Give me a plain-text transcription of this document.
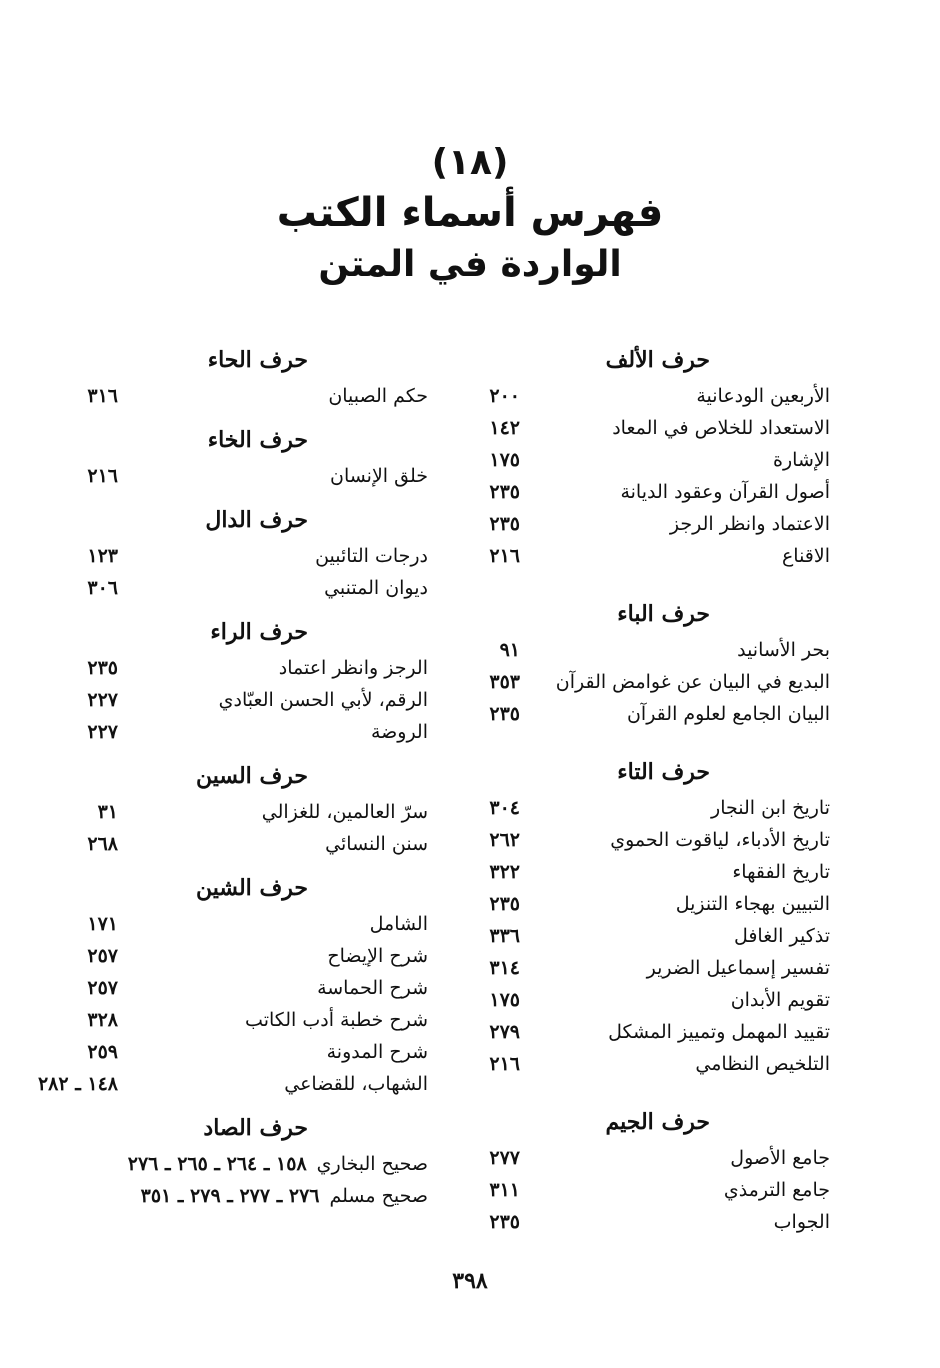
(١٨)
فهرس أسماء الكتب
الواردة في المتن
حرف الألف
الأربعين الودعانية
٢٠٠
الاستعداد للخلاص في المعاد
١٤٢
الإشارة
١٧٥
أصول القرآن وعقود الديانة
٢٣٥
الاعتماد وانظر الرجز
٢٣٥
الاقناع
٢١٦
حرف الباء
بحر الأسانيد
٩١
البديع في البيان عن غوامض القرآن
٣٥٣
البيان الجامع لعلوم القرآن
٢٣٥
حرف التاء
تاريخ ابن النجار
٣٠٤
تاريخ الأدباء، لياقوت الحموي
٢٦٢
تاريخ الفقهاء
٣٢٢
التبيين بهجاء التنزيل
٢٣٥
تذكير الغافل
٣٣٦
تفسير إسماعيل الضرير
٣١٤
تقويم الأبدان
١٧٥
تقييد المهمل وتمييز المشكل
٢٧٩
التلخيص النظامي
٢١٦
حرف الجيم
جامع الأصول
٢٧٧
جامع الترمذي
٣١١
الجواب
٢٣٥
حرف الحاء
حكم الصبيان
٣١٦
حرف الخاء
خلق الإنسان
٢١٦
حرف الدال
درجات التائبين
١٢٣
ديوان المتنبي
٣٠٦
حرف الراء
الرجز وانظر اعتماد
٢٣٥
الرقم، لأبي الحسن العبّادي
٢٢٧
الروضة
٢٢٧
حرف السين
سرّ العالمين، للغزالي
٣١
سنن النسائي
٢٦٨
حرف الشين
الشامل
١٧١
شرح الإيضاح
٢٥٧
شرح الحماسة
٢٥٧
شرح خطبة أدب الكاتب
٣٢٨
شرح المدونة
٢٥٩
الشهاب، للقضاعي
١٤٨ ـ ٢٨٢
حرف الصاد
صحيح البخاري
١٥٨ ـ ٢٦٤ ـ ٢٦٥ ـ ٢٧٦
صحيح مسلم
٢٧٦ ـ ٢٧٧ ـ ٢٧٩ ـ ٣٥١
٣٩٨
